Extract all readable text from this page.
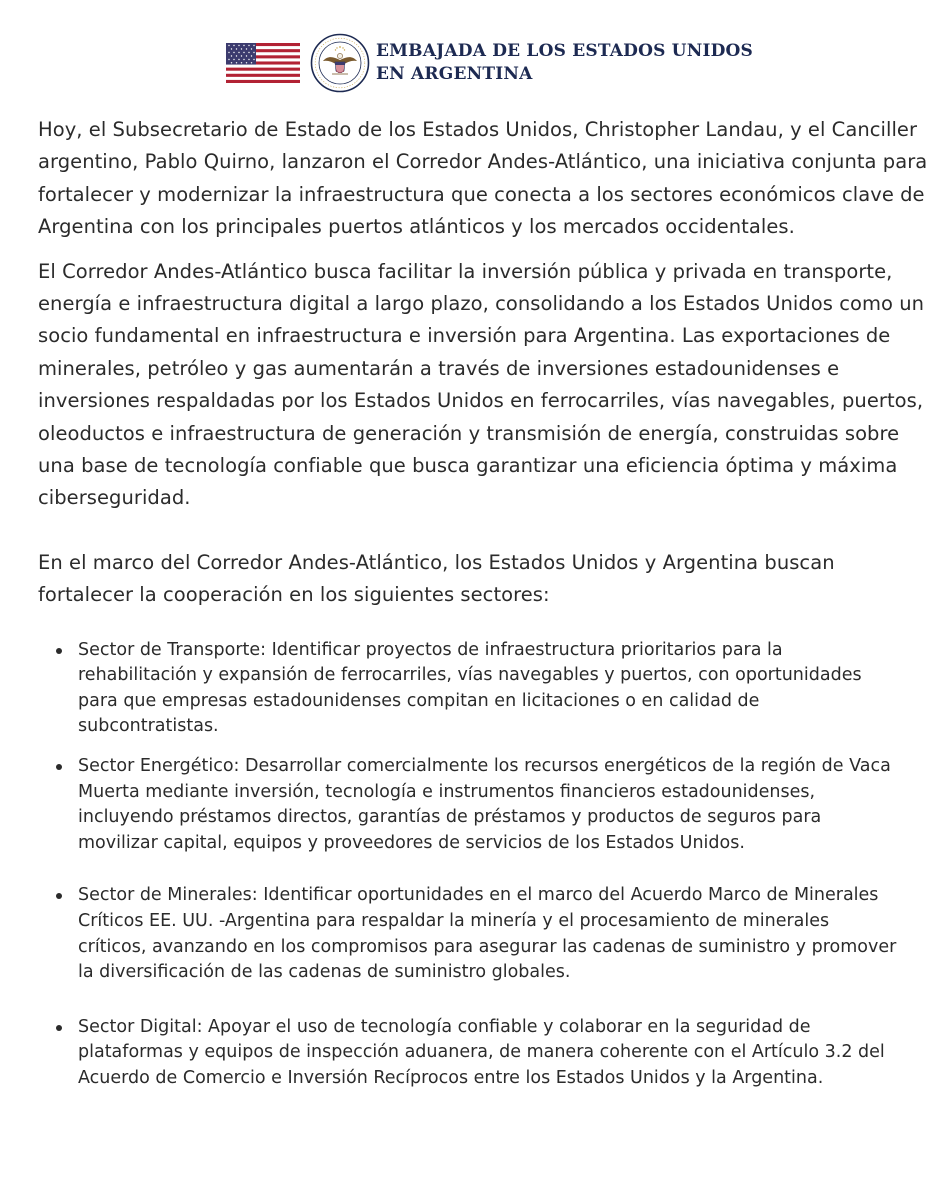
EMBAJADA DE LOS ESTADOS UNIDOS
EN ARGENTINA

Hoy, el Subsecretario de Estado de los Estados Unidos, Christopher Landau, y el Canciller argentino, Pablo Quirno, lanzaron el Corredor Andes-Atlántico, una iniciativa conjunta para fortalecer y modernizar la infraestructura que conecta a los sectores económicos clave de Argentina con los principales puertos atlánticos y los mercados occidentales.

El Corredor Andes-Atlántico busca facilitar la inversión pública y privada en transporte, energía e infraestructura digital a largo plazo, consolidando a los Estados Unidos como un socio fundamental en infraestructura e inversión para Argentina. Las exportaciones de minerales, petróleo y gas aumentarán a través de inversiones estadounidenses e inversiones respaldadas por los Estados Unidos en ferrocarriles, vías navegables, puertos, oleoductos e infraestructura de generación y transmisión de energía, construidas sobre una base de tecnología confiable que busca garantizar una eficiencia óptima y máxima ciberseguridad.

En el marco del Corredor Andes-Atlántico, los Estados Unidos y Argentina buscan fortalecer la cooperación en los siguientes sectores:

Sector de Transporte: Identificar proyectos de infraestructura prioritarios para la rehabilitación y expansión de ferrocarriles, vías navegables y puertos, con oportunidades para que empresas estadounidenses compitan en licitaciones o en calidad de subcontratistas.
Sector Energético: Desarrollar comercialmente los recursos energéticos de la región de Vaca Muerta mediante inversión, tecnología e instrumentos financieros estadounidenses, incluyendo préstamos directos, garantías de préstamos y productos de seguros para movilizar capital, equipos y proveedores de servicios de los Estados Unidos.
Sector de Minerales: Identificar oportunidades en el marco del Acuerdo Marco de Minerales Críticos EE. UU. -Argentina para respaldar la minería y el procesamiento de minerales críticos, avanzando en los compromisos para asegurar las cadenas de suministro y promover la diversificación de las cadenas de suministro globales.
Sector Digital: Apoyar el uso de tecnología confiable y colaborar en la seguridad de plataformas y equipos de inspección aduanera, de manera coherente con el Artículo 3.2 del Acuerdo de Comercio e Inversión Recíprocos entre los Estados Unidos y la Argentina.
